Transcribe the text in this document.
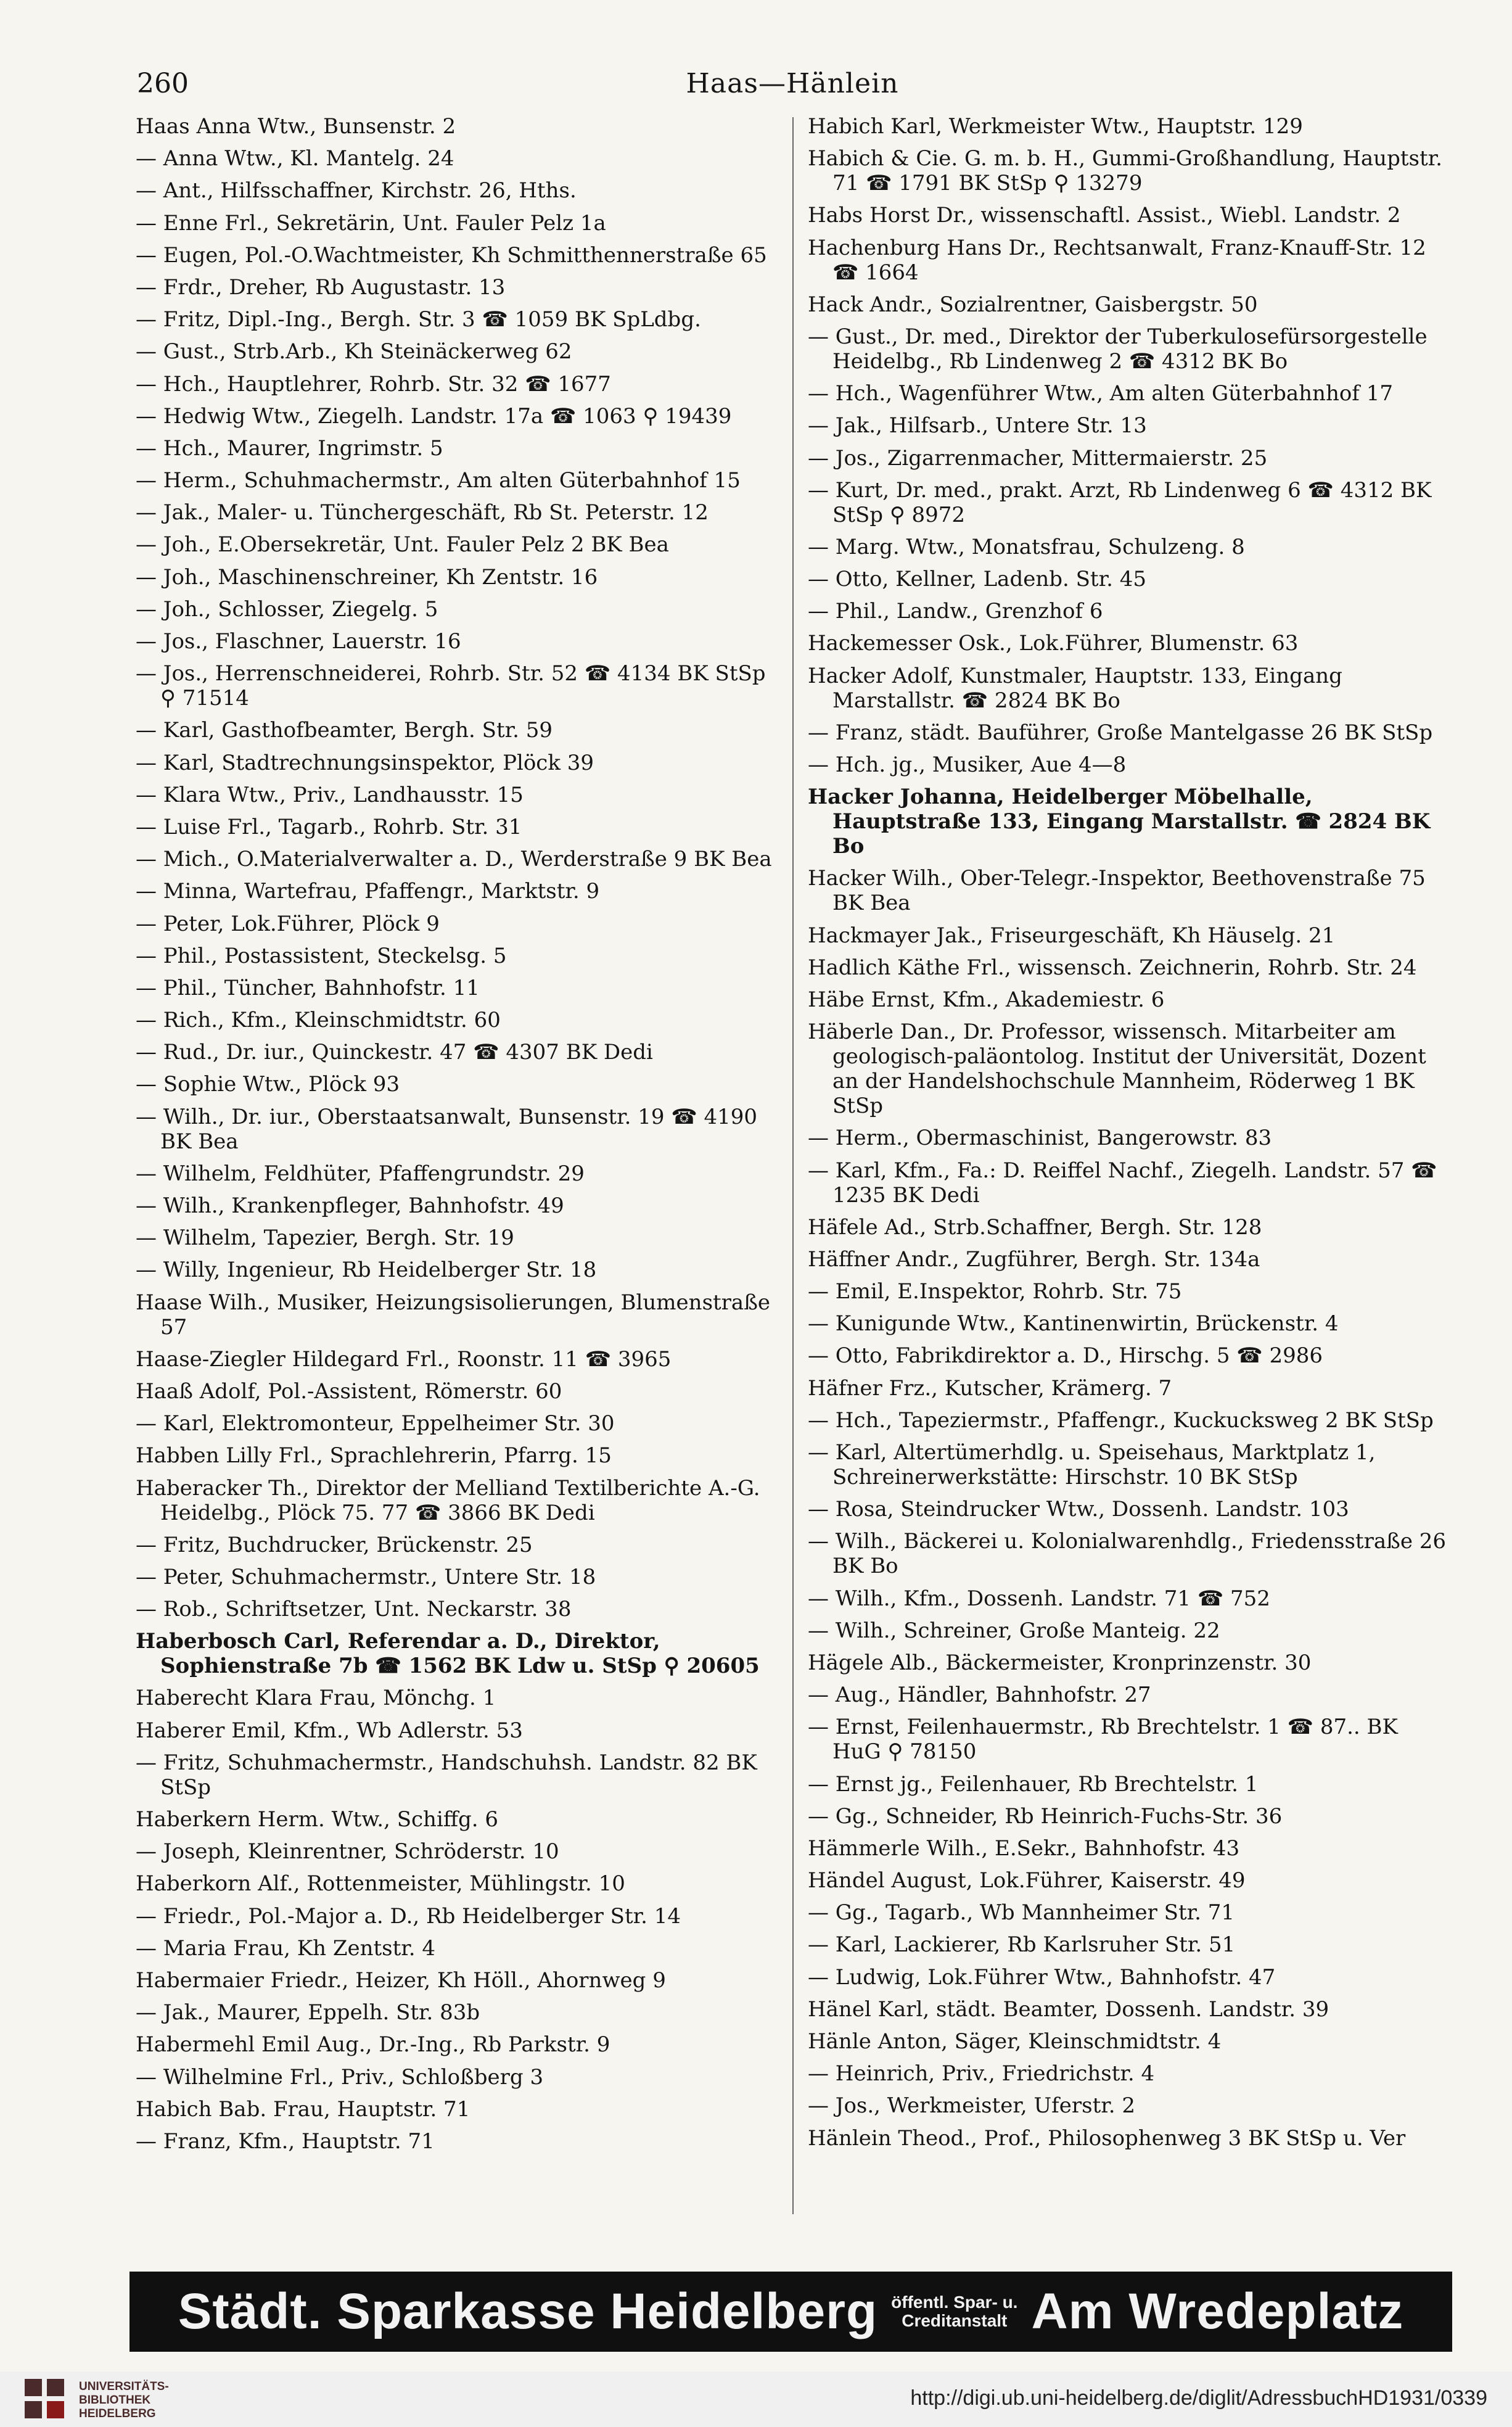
260	Haas—Hänlein
Haas Anna Wtw., Bunsenstr. 2
— Anna Wtw., Kl. Mantelg. 24
— Ant., Hilfsschaffner, Kirchstr. 26, Hths.
— Enne Frl., Sekretärin, Unt. Fauler Pelz 1a
— Eugen, Pol.-O.Wachtmeister, Kh Schmitthennerstraße 65
— Frdr., Dreher, Rb Augustastr. 13
— Fritz, Dipl.-Ing., Bergh. Str. 3 ☎ 1059 BK SpLdbg.
— Gust., Strb.Arb., Kh Steinäckerweg 62
— Hch., Hauptlehrer, Rohrb. Str. 32 ☎ 1677
— Hedwig Wtw., Ziegelh. Landstr. 17a ☎ 1063 ⚲ 19439
— Hch., Maurer, Ingrimstr. 5
— Herm., Schuhmachermstr., Am alten Güterbahnhof 15
— Jak., Maler- u. Tünchergeschäft, Rb St. Peterstr. 12
— Joh., E.Obersekretär, Unt. Fauler Pelz 2 BK Bea
— Joh., Maschinenschreiner, Kh Zentstr. 16
— Joh., Schlosser, Ziegelg. 5
— Jos., Flaschner, Lauerstr. 16
— Jos., Herrenschneiderei, Rohrb. Str. 52 ☎ 4134 BK StSp ⚲ 71514
— Karl, Gasthofbeamter, Bergh. Str. 59
— Karl, Stadtrechnungsinspektor, Plöck 39
— Klara Wtw., Priv., Landhausstr. 15
— Luise Frl., Tagarb., Rohrb. Str. 31
— Mich., O.Materialverwalter a. D., Werderstraße 9 BK Bea
— Minna, Wartefrau, Pfaffengr., Marktstr. 9
— Peter, Lok.Führer, Plöck 9
— Phil., Postassistent, Steckelsg. 5
— Phil., Tüncher, Bahnhofstr. 11
— Rich., Kfm., Kleinschmidtstr. 60
— Rud., Dr. iur., Quinckestr. 47 ☎ 4307 BK Dedi
— Sophie Wtw., Plöck 93
— Wilh., Dr. iur., Oberstaatsanwalt, Bunsenstr. 19 ☎ 4190 BK Bea
— Wilhelm, Feldhüter, Pfaffengrundstr. 29
— Wilh., Krankenpfleger, Bahnhofstr. 49
— Wilhelm, Tapezier, Bergh. Str. 19
— Willy, Ingenieur, Rb Heidelberger Str. 18
Haase Wilh., Musiker, Heizungsisolierungen, Blumenstraße 57
Haase-Ziegler Hildegard Frl., Roonstr. 11 ☎ 3965
Haaß Adolf, Pol.-Assistent, Römerstr. 60
— Karl, Elektromonteur, Eppelheimer Str. 30
Habben Lilly Frl., Sprachlehrerin, Pfarrg. 15
Haberacker Th., Direktor der Melliand Textilberichte A.-G. Heidelbg., Plöck 75. 77 ☎ 3866 BK Dedi
— Fritz, Buchdrucker, Brückenstr. 25
— Peter, Schuhmachermstr., Untere Str. 18
— Rob., Schriftsetzer, Unt. Neckarstr. 38
Haberbosch Carl, Referendar a. D., Direktor, Sophienstraße 7b ☎ 1562 BK Ldw u. StSp ⚲ 20605
Haberecht Klara Frau, Mönchg. 1
Haberer Emil, Kfm., Wb Adlerstr. 53
— Fritz, Schuhmachermstr., Handschuhsh. Landstr. 82 BK StSp
Haberkern Herm. Wtw., Schiffg. 6
— Joseph, Kleinrentner, Schröderstr. 10
Haberkorn Alf., Rottenmeister, Mühlingstr. 10
— Friedr., Pol.-Major a. D., Rb Heidelberger Str. 14
— Maria Frau, Kh Zentstr. 4
Habermaier Friedr., Heizer, Kh Höll., Ahornweg 9
— Jak., Maurer, Eppelh. Str. 83b
Habermehl Emil Aug., Dr.-Ing., Rb Parkstr. 9
— Wilhelmine Frl., Priv., Schloßberg 3
Habich Bab. Frau, Hauptstr. 71
— Franz, Kfm., Hauptstr. 71
Habich Karl, Werkmeister Wtw., Hauptstr. 129
Habich & Cie. G. m. b. H., Gummi-Großhandlung, Hauptstr. 71 ☎ 1791 BK StSp ⚲ 13279
Habs Horst Dr., wissenschaftl. Assist., Wiebl. Landstr. 2
Hachenburg Hans Dr., Rechtsanwalt, Franz-Knauff-Str. 12 ☎ 1664
Hack Andr., Sozialrentner, Gaisbergstr. 50
— Gust., Dr. med., Direktor der Tuberkulosefürsorgestelle Heidelbg., Rb Lindenweg 2 ☎ 4312 BK Bo
— Hch., Wagenführer Wtw., Am alten Güterbahnhof 17
— Jak., Hilfsarb., Untere Str. 13
— Jos., Zigarrenmacher, Mittermaierstr. 25
— Kurt, Dr. med., prakt. Arzt, Rb Lindenweg 6 ☎ 4312 BK StSp ⚲ 8972
— Marg. Wtw., Monatsfrau, Schulzeng. 8
— Otto, Kellner, Ladenb. Str. 45
— Phil., Landw., Grenzhof 6
Hackemesser Osk., Lok.Führer, Blumenstr. 63
Hacker Adolf, Kunstmaler, Hauptstr. 133, Eingang Marstallstr. ☎ 2824 BK Bo
— Franz, städt. Bauführer, Große Mantelgasse 26 BK StSp
— Hch. jg., Musiker, Aue 4—8
Hacker Johanna, Heidelberger Möbelhalle, Hauptstraße 133, Eingang Marstallstr. ☎ 2824 BK Bo
Hacker Wilh., Ober-Telegr.-Inspektor, Beethovenstraße 75 BK Bea
Hackmayer Jak., Friseurgeschäft, Kh Häuselg. 21
Hadlich Käthe Frl., wissensch. Zeichnerin, Rohrb. Str. 24
Häbe Ernst, Kfm., Akademiestr. 6
Häberle Dan., Dr. Professor, wissensch. Mitarbeiter am geologisch-paläontolog. Institut der Universität, Dozent an der Handelshochschule Mannheim, Röderweg 1 BK StSp
— Herm., Obermaschinist, Bangerowstr. 83
— Karl, Kfm., Fa.: D. Reiffel Nachf., Ziegelh. Landstr. 57 ☎ 1235 BK Dedi
Häfele Ad., Strb.Schaffner, Bergh. Str. 128
Häffner Andr., Zugführer, Bergh. Str. 134a
— Emil, E.Inspektor, Rohrb. Str. 75
— Kunigunde Wtw., Kantinenwirtin, Brückenstr. 4
— Otto, Fabrikdirektor a. D., Hirschg. 5 ☎ 2986
Häfner Frz., Kutscher, Krämerg. 7
— Hch., Tapeziermstr., Pfaffengr., Kuckucksweg 2 BK StSp
— Karl, Altertümerhdlg. u. Speisehaus, Marktplatz 1, Schreinerwerkstätte: Hirschstr. 10 BK StSp
— Rosa, Steindrucker Wtw., Dossenh. Landstr. 103
— Wilh., Bäckerei u. Kolonialwarenhdlg., Friedensstraße 26 BK Bo
— Wilh., Kfm., Dossenh. Landstr. 71 ☎ 752
— Wilh., Schreiner, Große Manteig. 22
Hägele Alb., Bäckermeister, Kronprinzenstr. 30
— Aug., Händler, Bahnhofstr. 27
— Ernst, Feilenhauermstr., Rb Brechtelstr. 1 ☎ 87.. BK HuG ⚲ 78150
— Ernst jg., Feilenhauer, Rb Brechtelstr. 1
— Gg., Schneider, Rb Heinrich-Fuchs-Str. 36
Hämmerle Wilh., E.Sekr., Bahnhofstr. 43
Händel August, Lok.Führer, Kaiserstr. 49
— Gg., Tagarb., Wb Mannheimer Str. 71
— Karl, Lackierer, Rb Karlsruher Str. 51
— Ludwig, Lok.Führer Wtw., Bahnhofstr. 47
Hänel Karl, städt. Beamter, Dossenh. Landstr. 39
Hänle Anton, Säger, Kleinschmidtstr. 4
— Heinrich, Priv., Friedrichstr. 4
— Jos., Werkmeister, Uferstr. 2
Hänlein Theod., Prof., Philosophenweg 3 BK StSp u. Ver
Städt. Sparkasse Heidelberg öffentl. Spar- u.
Creditanstalt Am Wredeplatz
UNIVERSITÄTS-
BIBLIOTHEK
HEIDELBERG
http://digi.ub.uni-heidelberg.de/diglit/AdressbuchHD1931/0339
